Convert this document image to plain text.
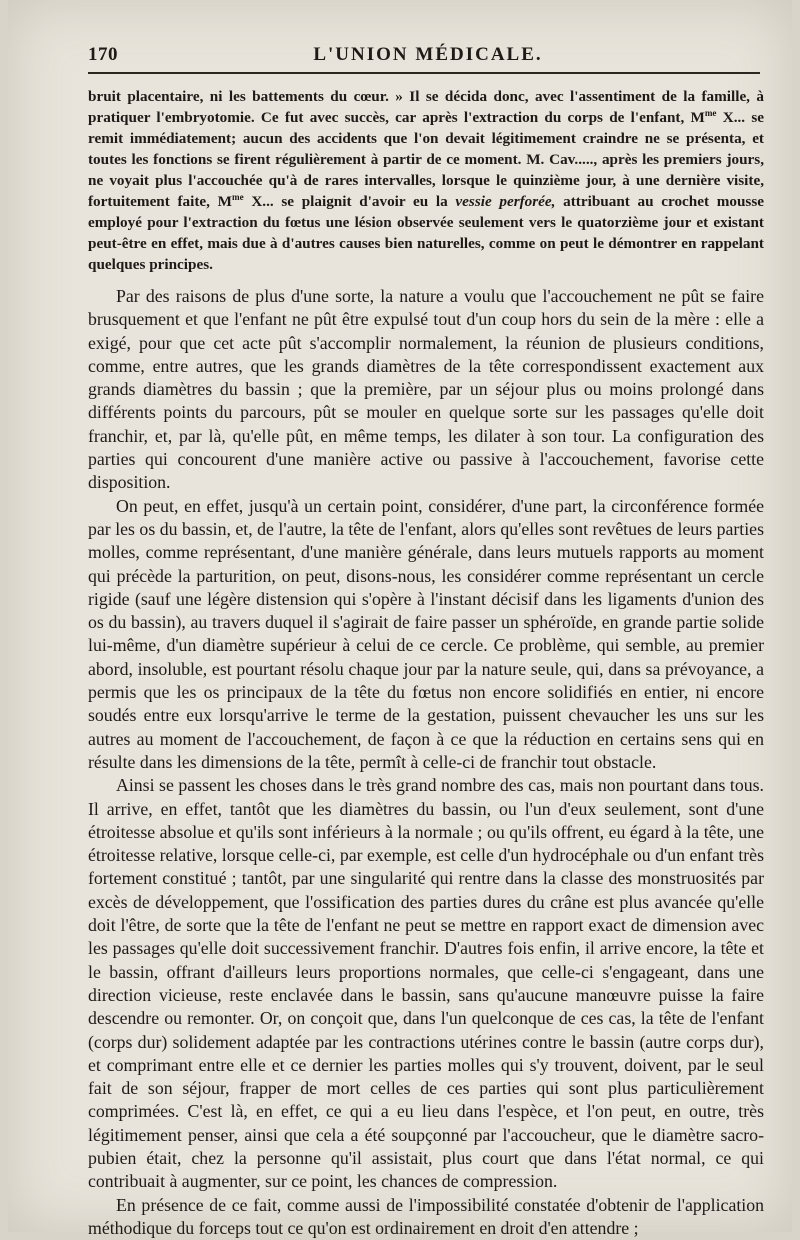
170	L'UNION MÉDICALE.

bruit placentaire, ni les battements du cœur. » Il se décida donc, avec l'assentiment de la famille, à pratiquer l'embryotomie. Ce fut avec succès, car après l'extraction du corps de l'enfant, $M^{me}$ X... se remit immédiatement; aucun des accidents que l'on devait légitimement craindre ne se présenta, et toutes les fonctions se firent régulièrement à partir de ce moment. M. Cav....., après les premiers jours, ne voyait plus l'accouchée qu'à de rares intervalles, lorsque le quinzième jour, à une dernière visite, fortuitement faite, $M^{me}$ X... se plaignit d'avoir eu la vessie perforée, attribuant au crochet mousse employé pour l'extraction du fœtus une lésion observée seulement vers le quatorzième jour et existant peut-être en effet, mais due à d'autres causes bien naturelles, comme on peut le démontrer en rappelant quelques principes.

Par des raisons de plus d'une sorte, la nature a voulu que l'accouchement ne pût se faire brusquement et que l'enfant ne pût être expulsé tout d'un coup hors du sein de la mère : elle a exigé, pour que cet acte pût s'accomplir normalement, la réunion de plusieurs conditions, comme, entre autres, que les grands diamètres de la tête correspondissent exactement aux grands diamètres du bassin ; que la première, par un séjour plus ou moins prolongé dans différents points du parcours, pût se mouler en quelque sorte sur les passages qu'elle doit franchir, et, par là, qu'elle pût, en même temps, les dilater à son tour. La configuration des parties qui concourent d'une manière active ou passive à l'accouchement, favorise cette disposition.

On peut, en effet, jusqu'à un certain point, considérer, d'une part, la circonférence formée par les os du bassin, et, de l'autre, la tête de l'enfant, alors qu'elles sont revêtues de leurs parties molles, comme représentant, d'une manière générale, dans leurs mutuels rapports au moment qui précède la parturition, on peut, disons-nous, les considérer comme représentant un cercle rigide (sauf une légère distension qui s'opère à l'instant décisif dans les ligaments d'union des os du bassin), au travers duquel il s'agirait de faire passer un sphéroïde, en grande partie solide lui-même, d'un diamètre supérieur à celui de ce cercle. Ce problème, qui semble, au premier abord, insoluble, est pourtant résolu chaque jour par la nature seule, qui, dans sa prévoyance, a permis que les os principaux de la tête du fœtus non encore solidifiés en entier, ni encore soudés entre eux lorsqu'arrive le terme de la gestation, puissent chevaucher les uns sur les autres au moment de l'accouchement, de façon à ce que la réduction en certains sens qui en résulte dans les dimensions de la tête, permît à celle-ci de franchir tout obstacle.

Ainsi se passent les choses dans le très grand nombre des cas, mais non pourtant dans tous. Il arrive, en effet, tantôt que les diamètres du bassin, ou l'un d'eux seulement, sont d'une étroitesse absolue et qu'ils sont inférieurs à la normale ; ou qu'ils offrent, eu égard à la tête, une étroitesse relative, lorsque celle-ci, par exemple, est celle d'un hydrocéphale ou d'un enfant très fortement constitué ; tantôt, par une singularité qui rentre dans la classe des monstruosités par excès de développement, que l'ossification des parties dures du crâne est plus avancée qu'elle doit l'être, de sorte que la tête de l'enfant ne peut se mettre en rapport exact de dimension avec les passages qu'elle doit successivement franchir. D'autres fois enfin, il arrive encore, la tête et le bassin, offrant d'ailleurs leurs proportions normales, que celle-ci s'engageant, dans une direction vicieuse, reste enclavée dans le bassin, sans qu'aucune manœuvre puisse la faire descendre ou remonter. Or, on conçoit que, dans l'un quelconque de ces cas, la tête de l'enfant (corps dur) solidement adaptée par les contractions utérines contre le bassin (autre corps dur), et comprimant entre elle et ce dernier les parties molles qui s'y trouvent, doivent, par le seul fait de son séjour, frapper de mort celles de ces parties qui sont plus particulièrement comprimées. C'est là, en effet, ce qui a eu lieu dans l'espèce, et l'on peut, en outre, très légitimement penser, ainsi que cela a été soupçonné par l'accoucheur, que le diamètre sacro-pubien était, chez la personne qu'il assistait, plus court que dans l'état normal, ce qui contribuait à augmenter, sur ce point, les chances de compression.

En présence de ce fait, comme aussi de l'impossibilité constatée d'obtenir de l'application méthodique du forceps tout ce qu'on est ordinairement en droit d'en attendre ;
